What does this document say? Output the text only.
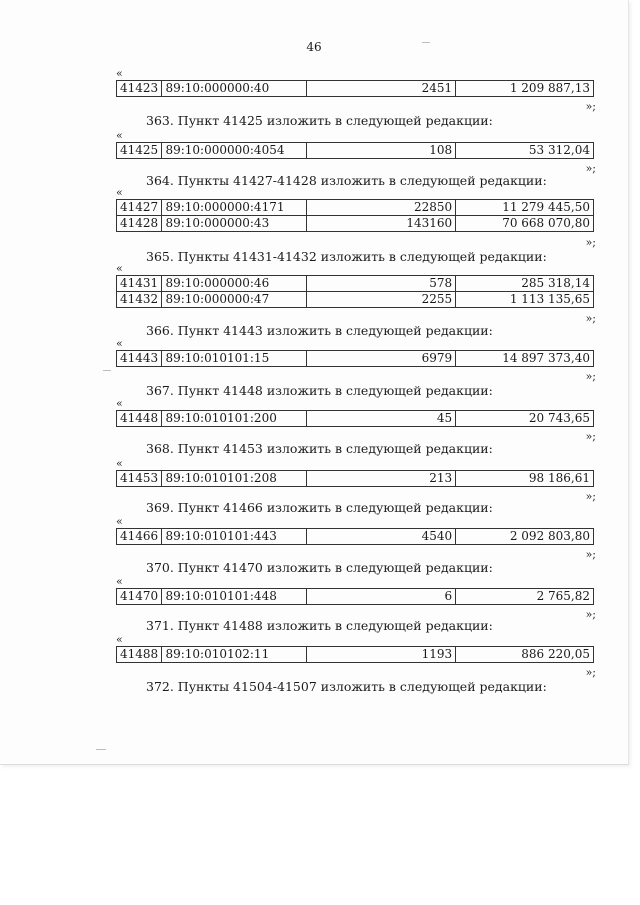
46
«
41423	89:10:000000:40	2451	1 209 887,13
»;
363. Пункт 41425 изложить в следующей редакции:
«
41425	89:10:000000:4054	108	53 312,04
»;
364. Пункты 41427-41428 изложить в следующей редакции:
«
41427	89:10:000000:4171	22850	11 279 445,50
41428	89:10:000000:43	143160	70 668 070,80
»;
365. Пункты 41431-41432 изложить в следующей редакции:
«
41431	89:10:000000:46	578	285 318,14
41432	89:10:000000:47	2255	1 113 135,65
»;
366. Пункт 41443 изложить в следующей редакции:
«
41443	89:10:010101:15	6979	14 897 373,40
»;
367. Пункт 41448 изложить в следующей редакции:
«
41448	89:10:010101:200	45	20 743,65
»;
368. Пункт 41453 изложить в следующей редакции:
«
41453	89:10:010101:208	213	98 186,61
»;
369. Пункт 41466 изложить в следующей редакции:
«
41466	89:10:010101:443	4540	2 092 803,80
»;
370. Пункт 41470 изложить в следующей редакции:
«
41470	89:10:010101:448	6	2 765,82
»;
371. Пункт 41488 изложить в следующей редакции:
«
41488	89:10:010102:11	1193	886 220,05
»;
372. Пункты 41504-41507 изложить в следующей редакции:
